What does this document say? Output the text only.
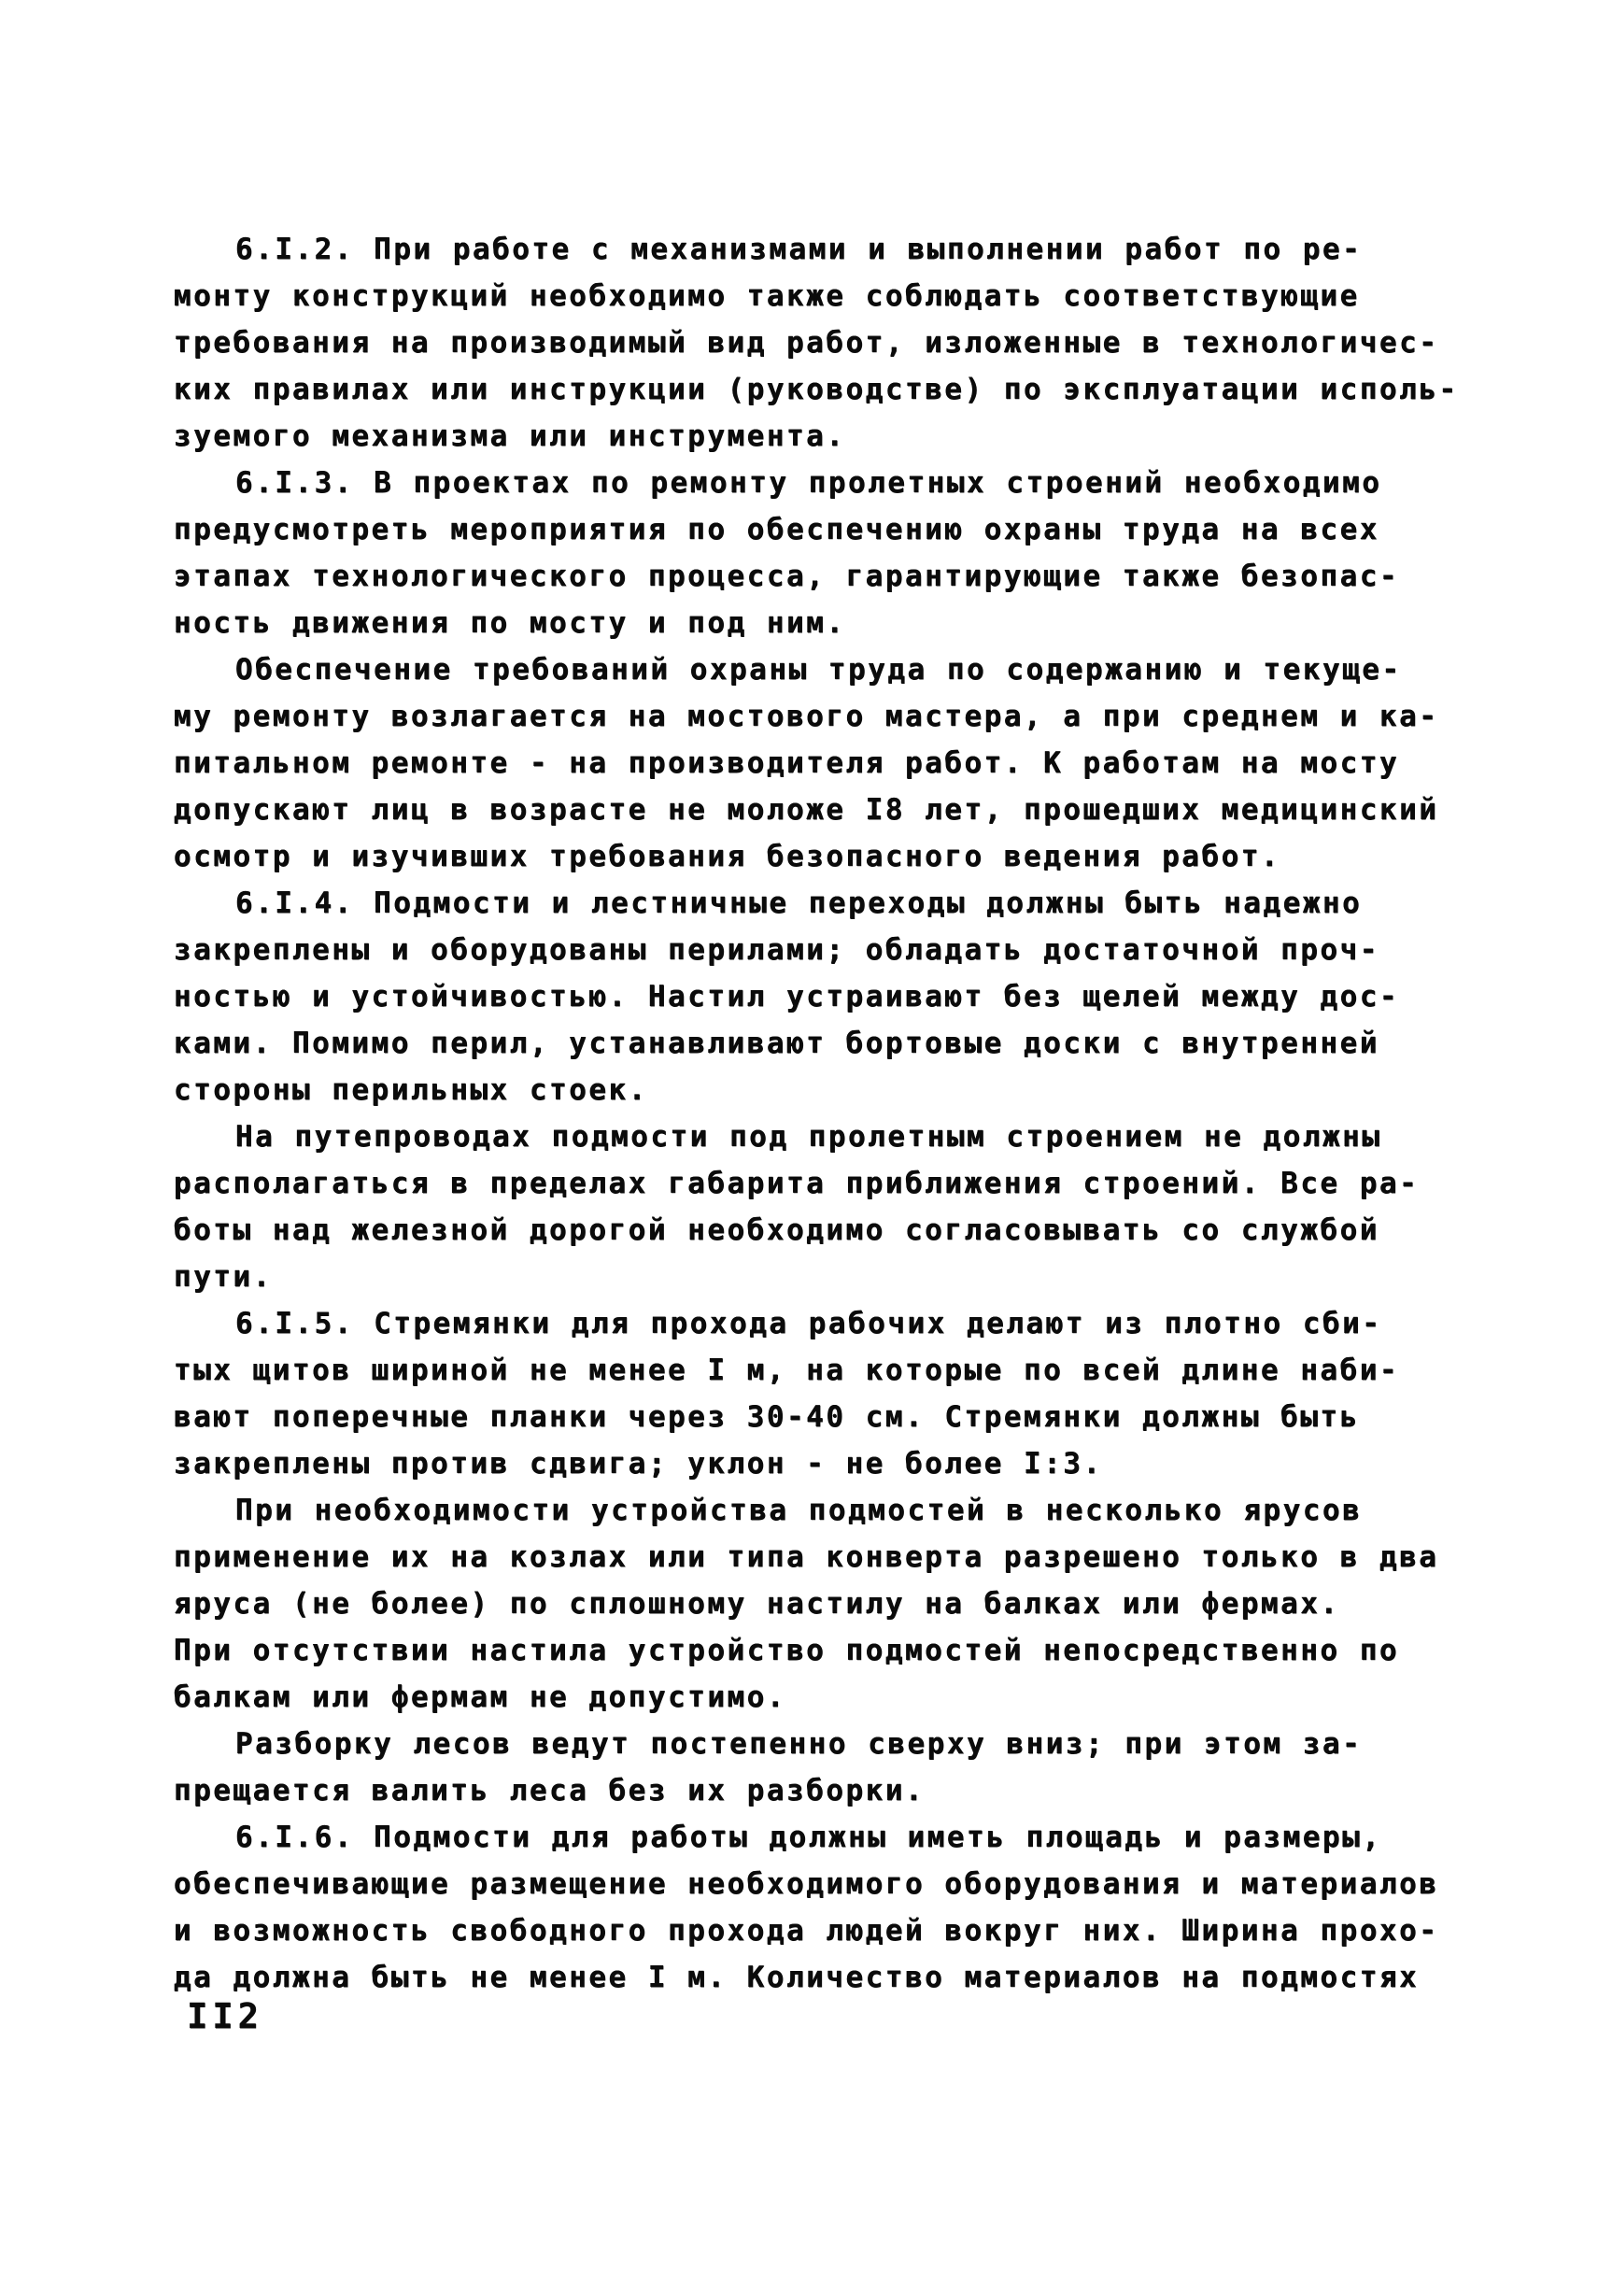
6.I.2. При работе с механизмами и выполнении работ по ре-
монту конструкций необходимо также соблюдать соответствующие
требования на производимый вид работ, изложенные в технологичес-
ких правилах или инструкции (руководстве) по эксплуатации исполь-
зуемого механизма или инструмента.
6.I.3. В проектах по ремонту пролетных строений необходимо
предусмотреть мероприятия по обеспечению охраны труда на всех
этапах технологического процесса, гарантирующие также безопас-
ность движения по мосту и под ним.
Обеспечение требований охраны труда по содержанию и текуще-
му ремонту возлагается на мостового мастера, а при среднем и ка-
питальном ремонте - на производителя работ. К работам на мосту
допускают лиц в возрасте не моложе I8 лет, прошедших медицинский
осмотр и изучивших требования безопасного ведения работ.
6.I.4. Подмости и лестничные переходы должны быть надежно
закреплены и оборудованы перилами; обладать достаточной проч-
ностью и устойчивостью. Настил устраивают без щелей между дос-
ками. Помимо перил, устанавливают бортовые доски с внутренней
стороны перильных стоек.
На путепроводах подмости под пролетным строением не должны
располагаться в пределах габарита приближения строений. Все ра-
боты над железной дорогой необходимо согласовывать со службой
пути.
6.I.5. Стремянки для прохода рабочих делают из плотно сби-
тых щитов шириной не менее I м, на которые по всей длине наби-
вают поперечные планки через 30-40 см. Стремянки должны быть
закреплены против сдвига; уклон - не более I:3.
При необходимости устройства подмостей в несколько ярусов
применение их на козлах или типа конверта разрешено только в два
яруса (не более) по сплошному настилу на балках или фермах.
При отсутствии настила устройство подмостей непосредственно по
балкам или фермам не допустимо.
Разборку лесов ведут постепенно сверху вниз; при этом за-
прещается валить леса без их разборки.
6.I.6. Подмости для работы должны иметь площадь и размеры,
обеспечивающие размещение необходимого оборудования и материалов
и возможность свободного прохода людей вокруг них. Ширина прохо-
да должна быть не менее I м. Количество материалов на подмостях
II2
